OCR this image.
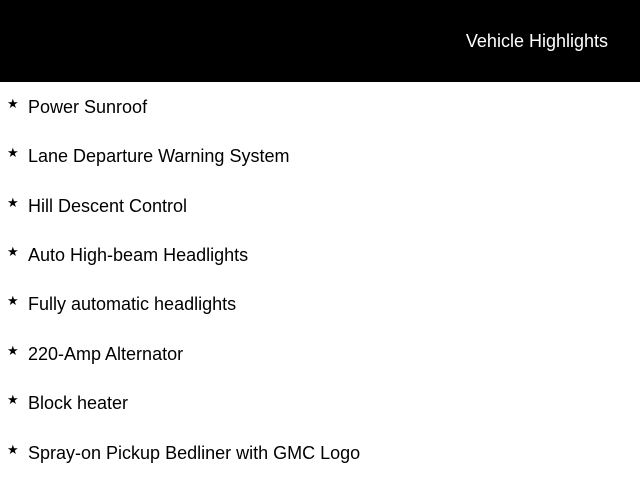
Vehicle Highlights
★ Power Sunroof
★ Lane Departure Warning System
★ Hill Descent Control
★ Auto High-beam Headlights
★ Fully automatic headlights
★ 220-Amp Alternator
★ Block heater
★ Spray-on Pickup Bedliner with GMC Logo
